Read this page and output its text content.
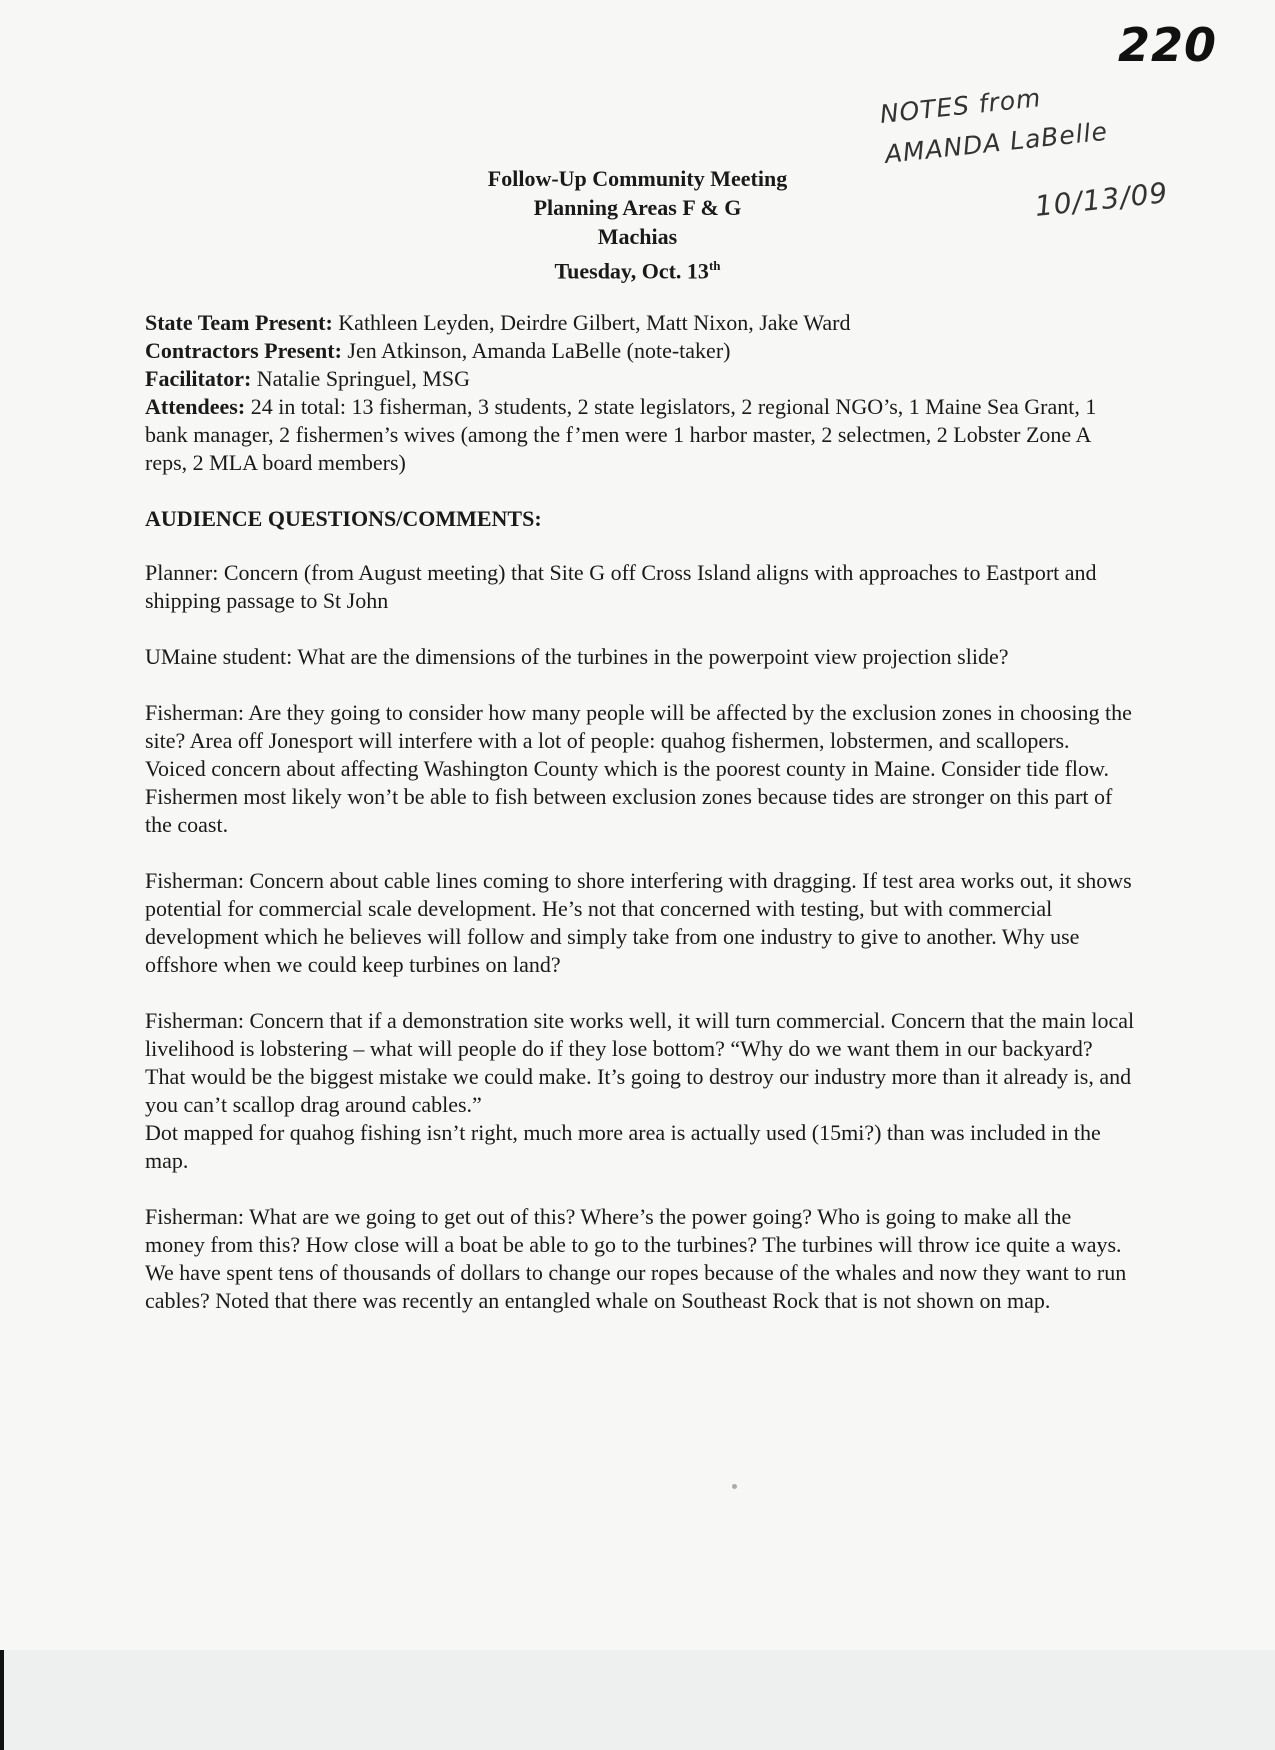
220
NOTES from
AMANDA LaBelle
10/13/09
Follow-Up Community Meeting
Planning Areas F & G
Machias
Tuesday, Oct. 13th

State Team Present: Kathleen Leyden, Deirdre Gilbert, Matt Nixon, Jake Ward

Contractors Present: Jen Atkinson, Amanda LaBelle (note-taker)

Facilitator: Natalie Springuel, MSG

Attendees: 24 in total: 13 fisherman, 3 students, 2 state legislators, 2 regional NGO’s, 1 Maine Sea Grant, 1 bank manager, 2 fishermen’s wives (among the f’men were 1 harbor master, 2 selectmen, 2 Lobster Zone A reps, 2 MLA board members)

AUDIENCE QUESTIONS/COMMENTS:

Planner: Concern (from August meeting) that Site G off Cross Island aligns with approaches to Eastport and shipping passage to St John

UMaine student: What are the dimensions of the turbines in the powerpoint view projection slide?

Fisherman: Are they going to consider how many people will be affected by the exclusion zones in choosing the site? Area off Jonesport will interfere with a lot of people: quahog fishermen, lobstermen, and scallopers. Voiced concern about affecting Washington County which is the poorest county in Maine. Consider tide flow. Fishermen most likely won’t be able to fish between exclusion zones because tides are stronger on this part of the coast.

Fisherman: Concern about cable lines coming to shore interfering with dragging. If test area works out, it shows potential for commercial scale development. He’s not that concerned with testing, but with commercial development which he believes will follow and simply take from one industry to give to another. Why use offshore when we could keep turbines on land?

Fisherman: Concern that if a demonstration site works well, it will turn commercial. Concern that the main local livelihood is lobstering – what will people do if they lose bottom? “Why do we want them in our backyard? That would be the biggest mistake we could make. It’s going to destroy our industry more than it already is, and you can’t scallop drag around cables.”

Dot mapped for quahog fishing isn’t right, much more area is actually used (15mi?) than was included in the map.

Fisherman: What are we going to get out of this? Where’s the power going? Who is going to make all the money from this? How close will a boat be able to go to the turbines? The turbines will throw ice quite a ways. We have spent tens of thousands of dollars to change our ropes because of the whales and now they want to run cables? Noted that there was recently an entangled whale on Southeast Rock that is not shown on map.
